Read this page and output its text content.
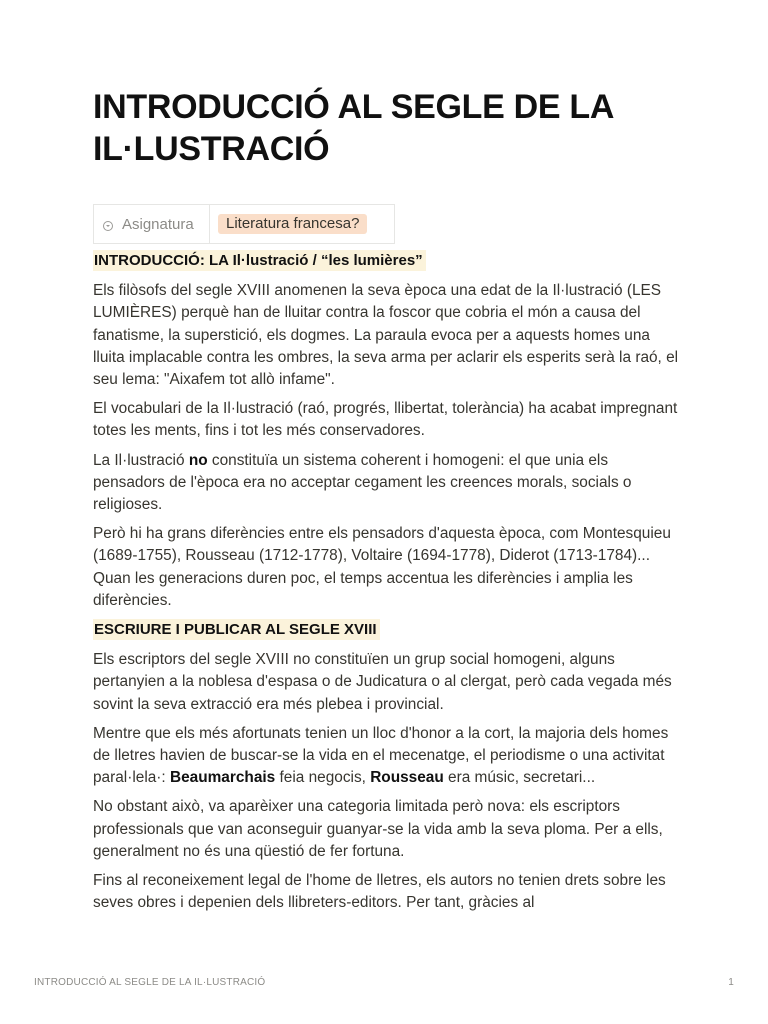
INTRODUCCIÓ AL SEGLE DE LA IL·LUSTRACIÓ
Asignatura	Literatura francesa?
INTRODUCCIÓ: LA Il·lustració / “les lumières”

Els filòsofs del segle XVIII anomenen la seva època una edat de la Il·lustració (LES LUMIÈRES) perquè han de lluitar contra la foscor que cobria el món a causa del fanatisme, la superstició, els dogmes. La paraula evoca per a aquests homes una lluita implacable contra les ombres, la seva arma per aclarir els esperits serà la raó, el seu lema: "Aixafem tot allò infame".

El vocabulari de la Il·lustració (raó, progrés, llibertat, tolerància) ha acabat impregnant totes les ments, fins i tot les més conservadores.

La Il·lustració no constituïa un sistema coherent i homogeni: el que unia els pensadors de l'època era no acceptar cegament les creences morals, socials o religioses.

Però hi ha grans diferències entre els pensadors d'aquesta època, com Montesquieu (1689-1755), Rousseau (1712-1778), Voltaire (1694-1778), Diderot (1713-1784)... Quan les generacions duren poc, el temps accentua les diferències i amplia les diferències.

ESCRIURE I PUBLICAR AL SEGLE XVIII

Els escriptors del segle XVIII no constituïen un grup social homogeni, alguns pertanyien a la noblesa d'espasa o de Judicatura o al clergat, però cada vegada més sovint la seva extracció era més plebea i provincial.

Mentre que els més afortunats tenien un lloc d'honor a la cort, la majoria dels homes de lletres havien de buscar-se la vida en el mecenatge, el periodisme o una activitat paral·lela·: Beaumarchais feia negocis, Rousseau era músic, secretari...

No obstant això, va aparèixer una categoria limitada però nova: els escriptors professionals que van aconseguir guanyar-se la vida amb la seva ploma. Per a ells, generalment no és una qüestió de fer fortuna.

Fins al reconeixement legal de l'home de lletres, els autors no tenien drets sobre les seves obres i depenien dels llibreters-editors. Per tant, gràcies al

INTRODUCCIÓ AL SEGLE DE LA IL·LUSTRACIÓ	1
